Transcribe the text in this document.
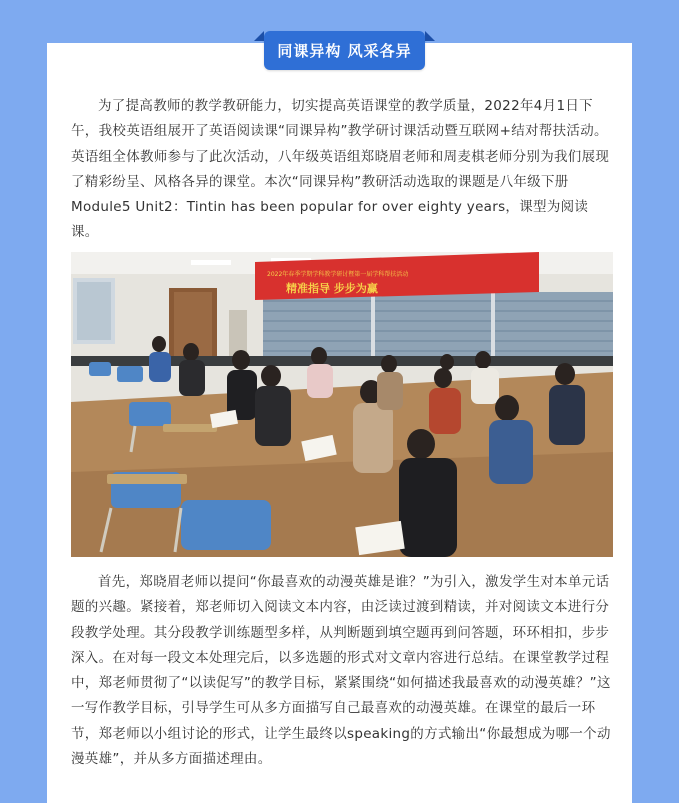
同课异构 风采各异

为了提高教师的教学教研能力，切实提高英语课堂的教学质量，2022年4月1日下午，我校英语组展开了英语阅读课“同课异构”教学研讨课活动暨互联网+结对帮扶活动。英语组全体教师参与了此次活动，八年级英语组郑晓眉老师和周麦棋老师分别为我们展现了精彩纷呈、风格各异的课堂。本次“同课异构”教研活动选取的课题是八年级下册Module5 Unit2：Tintin has been popular for over eighty years，课型为阅读课。

2022年春季学期学科教学研讨暨第一届学科帮扶活动
精准指导 步步为赢

首先，郑晓眉老师以提问“你最喜欢的动漫英雄是谁？”为引入，激发学生对本单元话题的兴趣。紧接着，郑老师切入阅读文本内容，由泛读过渡到精读，并对阅读文本进行分段教学处理。其分段教学训练题型多样，从判断题到填空题再到问答题，环环相扣，步步深入。在对每一段文本处理完后，以多选题的形式对文章内容进行总结。在课堂教学过程中，郑老师贯彻了“以读促写”的教学目标，紧紧围绕“如何描述我最喜欢的动漫英雄？”这一写作教学目标，引导学生可从多方面描写自己最喜欢的动漫英雄。在课堂的最后一环节，郑老师以小组讨论的形式，让学生最终以speaking的方式输出“你最想成为哪一个动漫英雄”，并从多方面描述理由。
